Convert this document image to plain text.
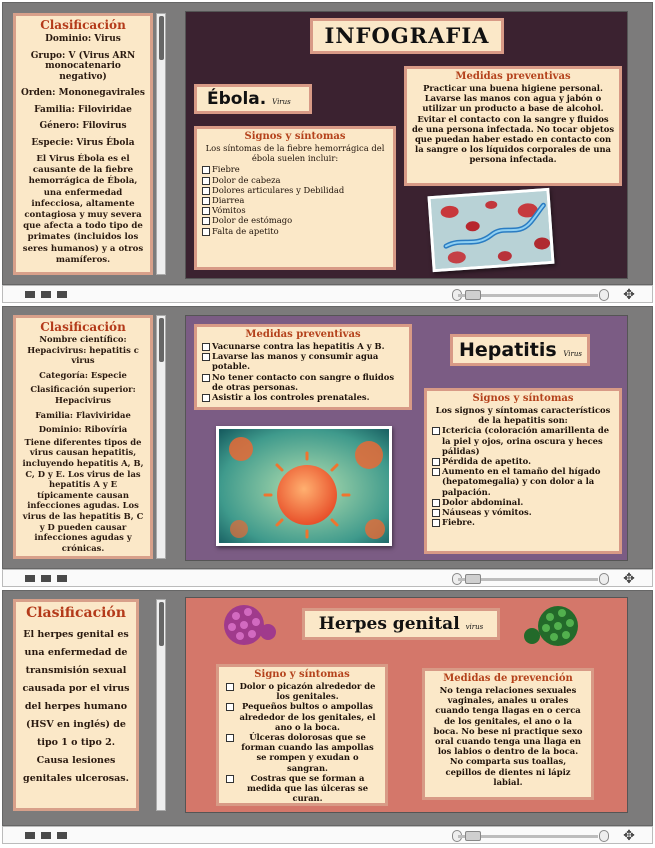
Clasificación

Dominio: Virus

Grupo: V (Virus ARN monocatenario negativo)

Orden: Mononegavirales

Familia: Filoviridae

Género: Filovirus

Especie: Virus Ébola

El Virus Ébola es el causante de la fiebre hemorrágica de Ébola, una enfermedad infecciosa, altamente contagiosa y muy severa que afecta a todo tipo de primates (incluidos los seres humanos) y a otros mamíferos.

INFOGRAFIA
Ébola. Virus
Signos y síntomas
Los síntomas de la fiebre hemorrágica del ébola suelen incluir:
Fiebre
Dolor de cabeza
Dolores articulares y Debilidad
Diarrea
Vómitos
Dolor de estómago
Falta de apetito
Medidas preventivas
Practicar una buena higiene personal. Lavarse las manos con agua y jabón o utilizar un producto a base de alcohol. Evitar el contacto con la sangre y fluidos de una persona infectada. No tocar objetos que puedan haber estado en contacto con la sangre o los líquidos corporales de una persona infectada.
✥
Clasificación

Nombre científico: Hepacivirus: hepatitis c virus

Categoría: Especie

Clasificación superior: Hepacivirus

Familia: Flaviviridae

Dominio: Ribovíria

Tiene diferentes tipos de virus causan hepatitis, incluyendo hepatitis A, B, C, D y E. Los virus de las hepatitis A y E típicamente causan infecciones agudas. Los virus de las hepatitis B, C y D pueden causar infecciones agudas y crónicas.

Medidas preventivas
Vacunarse contra las hepatitis A y B.
Lavarse las manos y consumir agua potable.
No tener contacto con sangre o fluidos de otras personas.
Asistir a los controles prenatales.
Hepatitis Virus
Signos y síntomas
Los signos y síntomas característicos de la hepatitis son:
Ictericia (coloración amarillenta de la piel y ojos, orina oscura y heces pálidas)
Pérdida de apetito.
Aumento en el tamaño del hígado (hepatomegalia) y con dolor a la palpación.
Dolor abdominal.
Náuseas y vómitos.
Fiebre.
✥
Clasificación

El herpes genital es una enfermedad de transmisión sexual causada por el virus del herpes humano (HSV en inglés) de tipo 1 o tipo 2. Causa lesiones genitales ulcerosas.

Herpes genital virus
Signo y síntomas
Dolor o picazón alrededor de los genitales.
Pequeños bultos o ampollas alrededor de los genitales, el ano o la boca.
Úlceras dolorosas que se forman cuando las ampollas se rompen y exudan o sangran.
Costras que se forman a medida que las úlceras se curan.
Medidas de prevención
No tenga relaciones sexuales vaginales, anales u orales cuando tenga llagas en o cerca de los genitales, el ano o la boca. No bese ni practique sexo oral cuando tenga una llaga en los labios o dentro de la boca. No comparta sus toallas, cepillos de dientes ni lápiz labial.
✥
